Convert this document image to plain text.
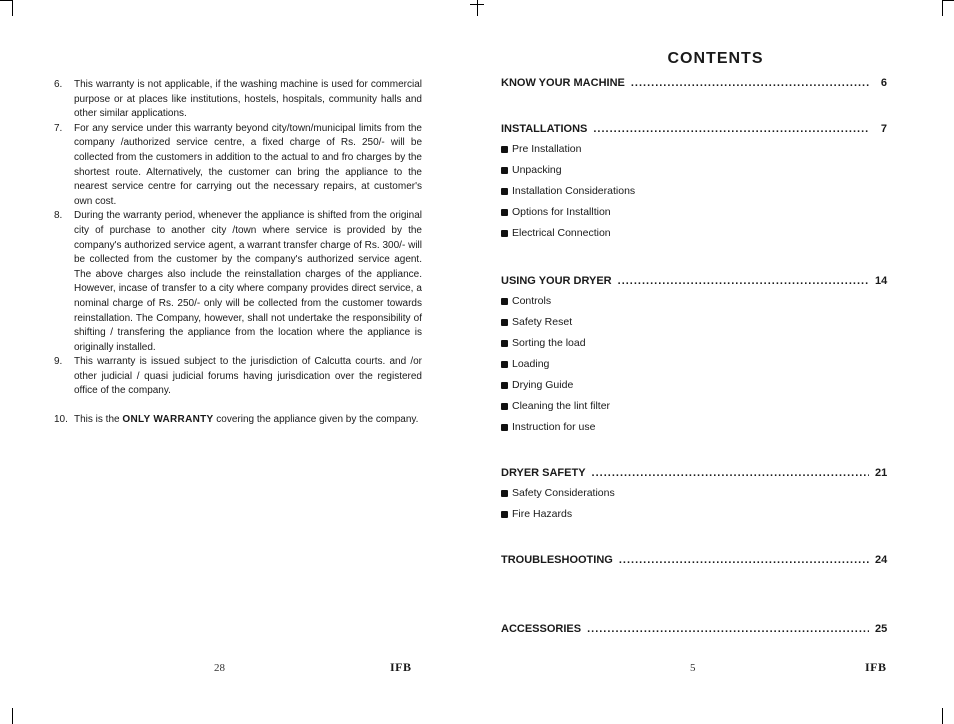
6. This warranty is not applicable, if the washing machine is used for commercial purpose or at places like institutions, hostels, hospitals, community halls and other similar applications.
7. For any service under this warranty beyond city/town/municipal limits from the company /authorized service centre, a fixed charge of Rs. 250/- will be collected from the customers in addition to the actual to and fro charges by the shortest route. Alternatively, the customer can bring the appliance to the nearest service centre for carrying out the necessary repairs, at customer's own cost.
8. During the warranty period, whenever the appliance is shifted from the original city of purchase to another city /town where service is provided by the company's authorized service agent, a warrant transfer charge of Rs. 300/- will be collected from the customer by the company's authorized service agent. The above charges also include the reinstallation charges of the appliance. However, incase of transfer to a city where company provides direct service, a nominal charge of Rs. 250/- only will be collected from the customer towards reinstallation. The Company, however, shall not undertake the responsibility of shifting / transfering the appliance from the location where the appliance is originally installed.
9. This warranty is issued subject to the jurisdiction of Calcutta courts. and /or other judicial / quasi judicial forums having jurisdication over the registered office of the company.
10. This is the ONLY WARRANTY covering the appliance given by the company.
28	IFB
CONTENTS
KNOW YOUR MACHINE .....	6
INSTALLATIONS .....	7
Pre Installation
Unpacking
Installation Considerations
Options for Installtion
Electrical Connection
USING YOUR DRYER .....	14
Controls
Safety Reset
Sorting the load
Loading
Drying Guide
Cleaning the lint filter
Instruction for use
DRYER SAFETY .....	21
Safety Considerations
Fire Hazards
TROUBLESHOOTING .....	24
ACCESSORIES .....	25
5	IFB
